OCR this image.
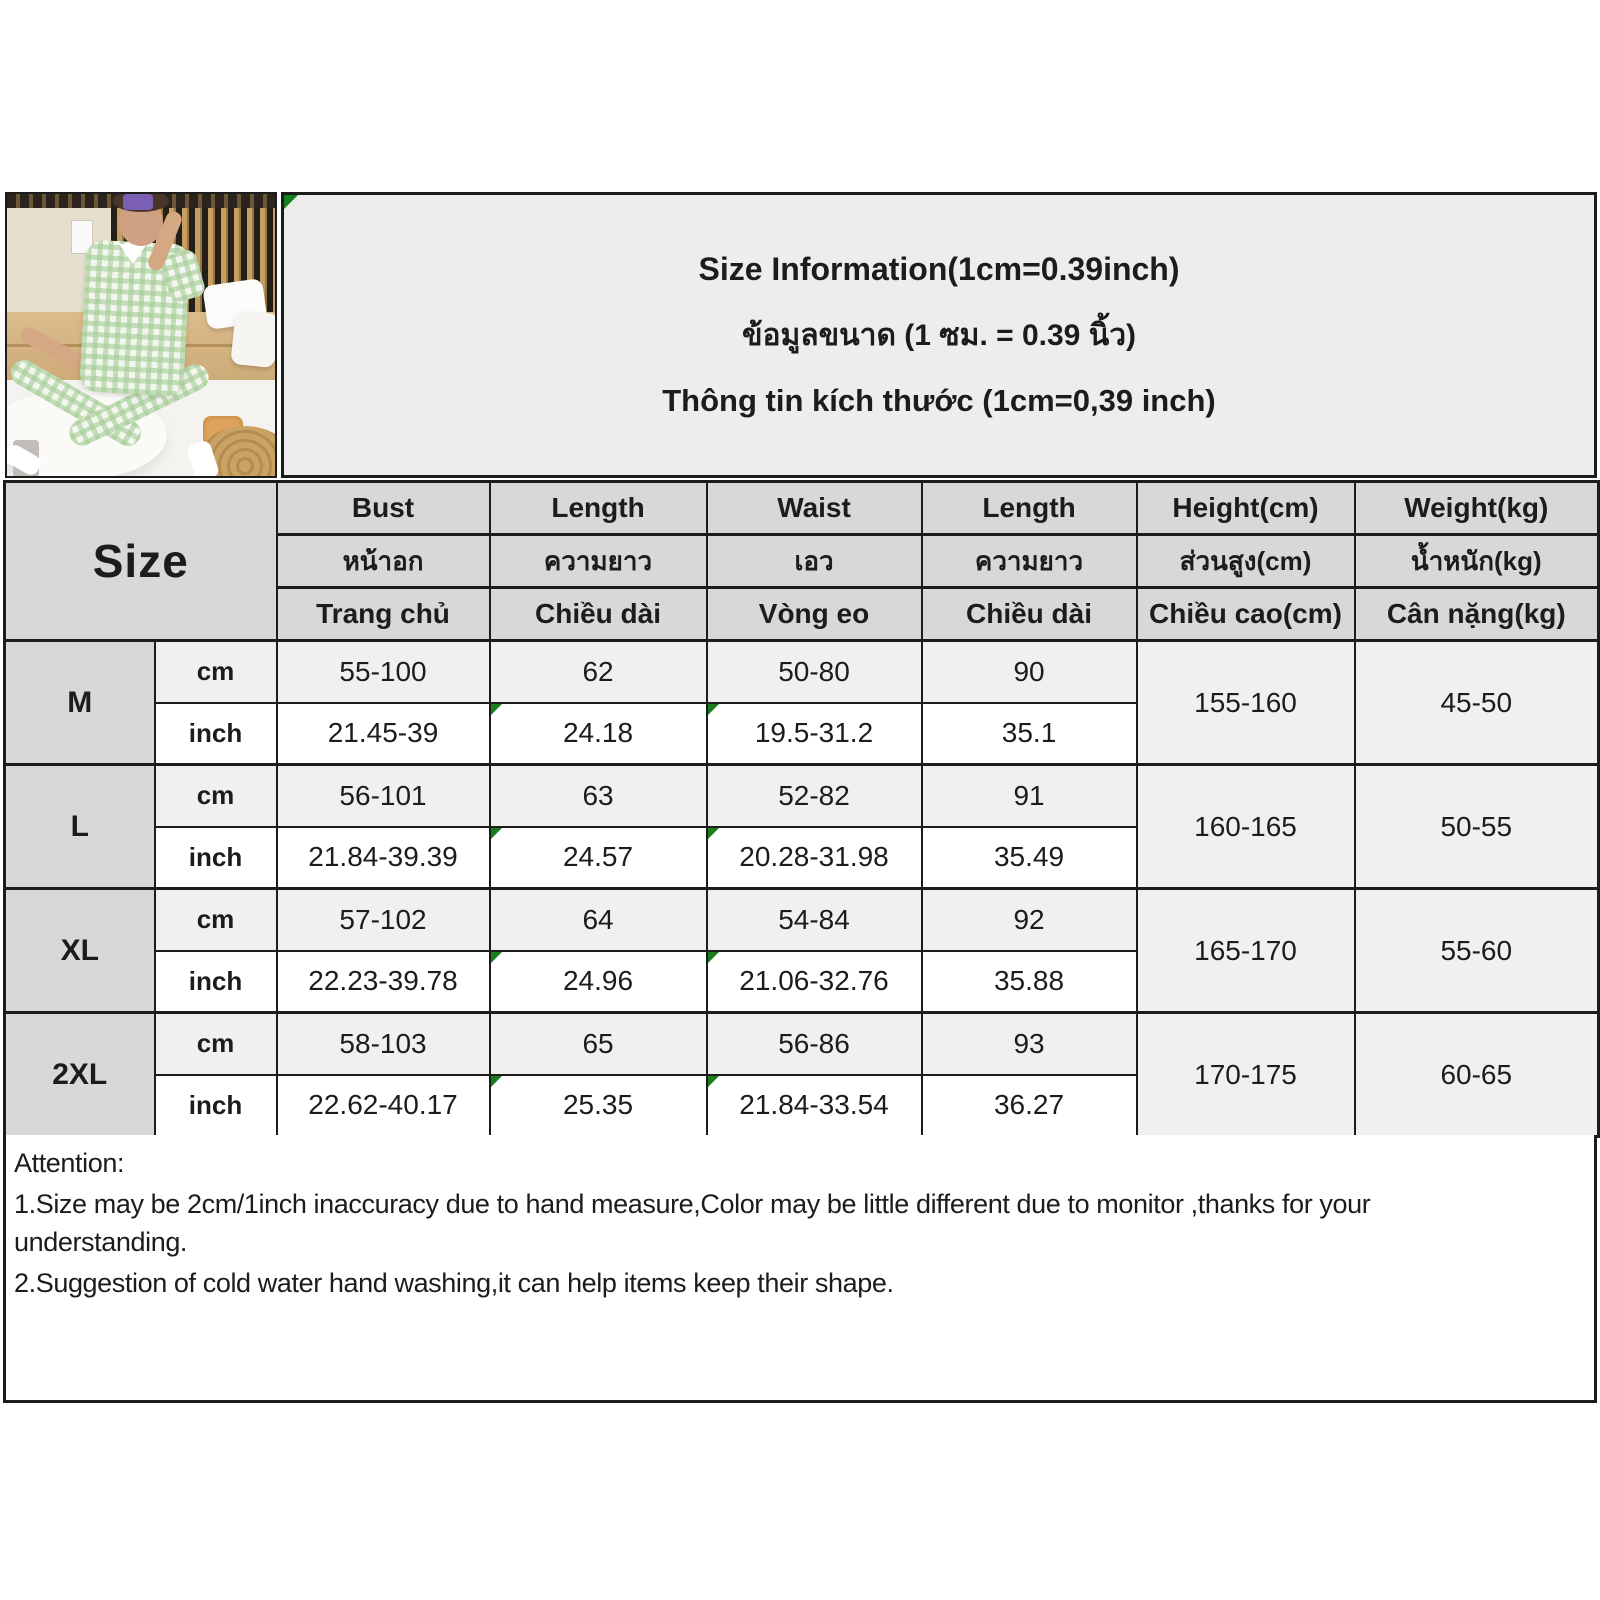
Size Information(1cm=0.39inch)
ข้อมูลขนาด (1 ซม. = 0.39 นิ้ว)
Thông tin kích thước (1cm=0,39 inch)
Size		Bust	Length	Waist	Length	Height(cm)	Weight(kg)
		หน้าอก	ความยาว	เอว	ความยาว	ส่วนสูง(cm)	น้ำหนัก(kg)
		Trang chủ	Chiều dài	Vòng eo	Chiều dài	Chiều cao(cm)	Cân nặng(kg)
M	cm	55-100	62	50-80	90	155-160	45-50
	inch	21.45-39	24.18	19.5-31.2	35.1		
L	cm	56-101	63	52-82	91	160-165	50-55
	inch	21.84-39.39	24.57	20.28-31.98	35.49		
XL	cm	57-102	64	54-84	92	165-170	55-60
	inch	22.23-39.78	24.96	21.06-32.76	35.88		
2XL	cm	58-103	65	56-86	93	170-175	60-65
	inch	22.62-40.17	25.35	21.84-33.54	36.27		

Attention:

1.Size may be 2cm/1inch inaccuracy due to hand measure,Color may be little different due to monitor ,thanks for your understanding.

2.Suggestion of cold water hand washing,it can help items keep their shape.
